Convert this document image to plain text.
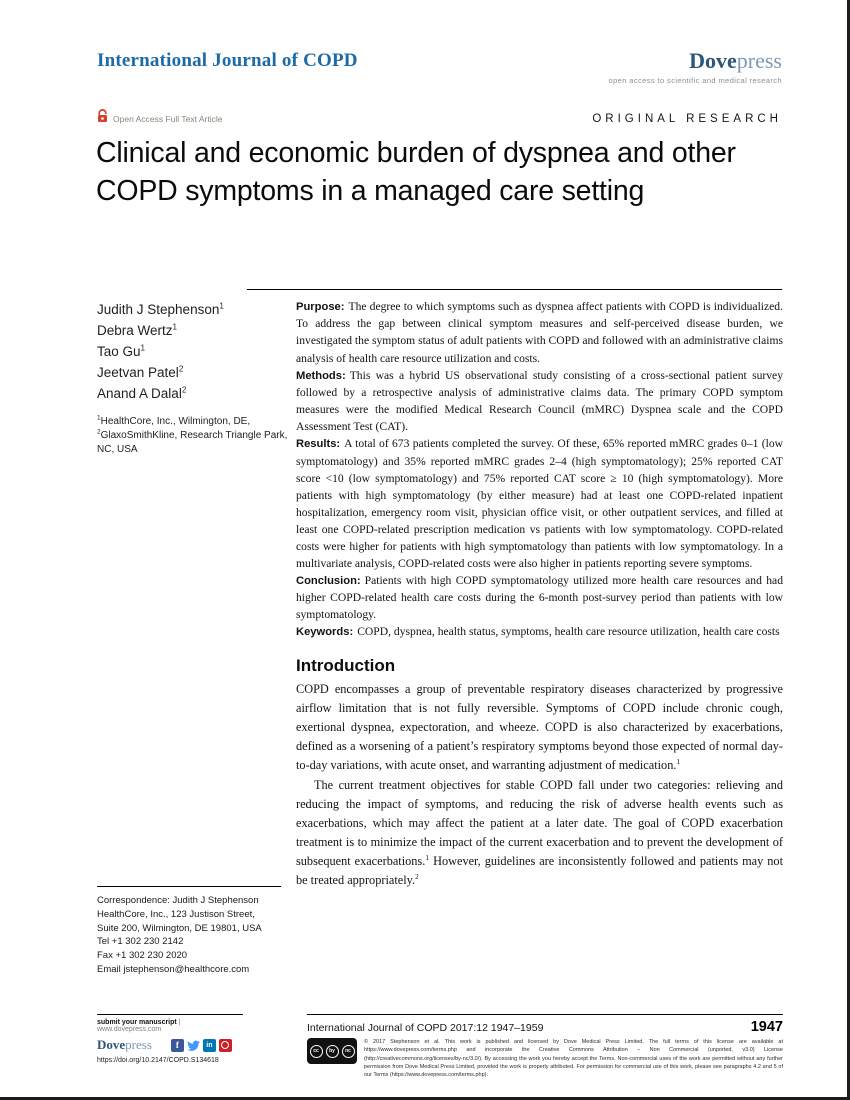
International Journal of COPD	Dovepress
open access to scientific and medical research
Open Access Full Text Article	ORIGINAL RESEARCH
Clinical and economic burden of dyspnea and other COPD symptoms in a managed care setting
Judith J Stephenson$^1$
Debra Wertz$^1$
Tao Gu$^1$
Jeetvan Patel$^2$
Anand A Dalal$^2$
$^1$HealthCore, Inc., Wilmington, DE, $^2$GlaxoSmithKline, Research Triangle Park, NC, USA
Correspondence: Judith J Stephenson
HealthCore, Inc., 123 Justison Street,
Suite 200, Wilmington, DE 19801, USA
Tel +1 302 230 2142
Fax +1 302 230 2020
Email jstephenson@healthcore.com

Purpose: The degree to which symptoms such as dyspnea affect patients with COPD is individualized. To address the gap between clinical symptom measures and self-perceived disease burden, we investigated the symptom status of adult patients with COPD and followed with an administrative claims analysis of health care resource utilization and costs.

Methods: This was a hybrid US observational study consisting of a cross-sectional patient survey followed by a retrospective analysis of administrative claims data. The primary COPD symptom measures were the modified Medical Research Council (mMRC) Dyspnea scale and the COPD Assessment Test (CAT).

Results: A total of 673 patients completed the survey. Of these, 65% reported mMRC grades 0–1 (low symptomatology) and 35% reported mMRC grades 2–4 (high symptomatology); 25% reported CAT score <10 (low symptomatology) and 75% reported CAT score ≥ 10 (high symptomatology). More patients with high symptomatology (by either measure) had at least one COPD-related inpatient hospitalization, emergency room visit, physician office visit, or other outpatient services, and filled at least one COPD-related prescription medication vs patients with low symptomatology. COPD-related costs were higher for patients with high symptomatology than patients with low symptomatology. In a multivariate analysis, COPD-related costs were also higher in patients reporting severe symptoms.

Conclusion: Patients with high COPD symptomatology utilized more health care resources and had higher COPD-related health care costs during the 6-month post-survey period than patients with low symptomatology.

Keywords: COPD, dyspnea, health status, symptoms, health care resource utilization, health care costs

Introduction

COPD encompasses a group of preventable respiratory diseases characterized by progressive airflow limitation that is not fully reversible. Symptoms of COPD include chronic cough, exertional dyspnea, expectoration, and wheeze. COPD is also characterized by exacerbations, defined as a worsening of a patient’s respiratory symptoms beyond those expected of normal day-to-day variations, with acute onset, and warranting adjustment of medication.$^1$

The current treatment objectives for stable COPD fall under two categories: relieving and reducing the impact of symptoms, and reducing the risk of adverse health events such as exacerbations, which may affect the patient at a later date. The goal of COPD exacerbation treatment is to minimize the impact of the current exacerbation and to prevent the development of subsequent exacerbations.$^1$ However, guidelines are inconsistently followed and patients may not be treated appropriately.$^2$

submit your manuscript | www.dovepress.com
Dovepress	f	in
https://doi.org/10.2147/COPD.S134618
International Journal of COPD 2017:12 1947–1959	1947
cc	by	nc
© 2017 Stephenson et al. This work is published and licensed by Dove Medical Press Limited. The full terms of this license are available at https://www.dovepress.com/terms.php and incorporate the Creative Commons Attribution – Non Commercial (unported, v3.0) License (http://creativecommons.org/licenses/by-nc/3.0/). By accessing the work you hereby accept the Terms. Non-commercial uses of the work are permitted without any further permission from Dove Medical Press Limited, provided the work is properly attributed. For permission for commercial use of this work, please see paragraphs 4.2 and 5 of our Terms (https://www.dovepress.com/terms.php).
